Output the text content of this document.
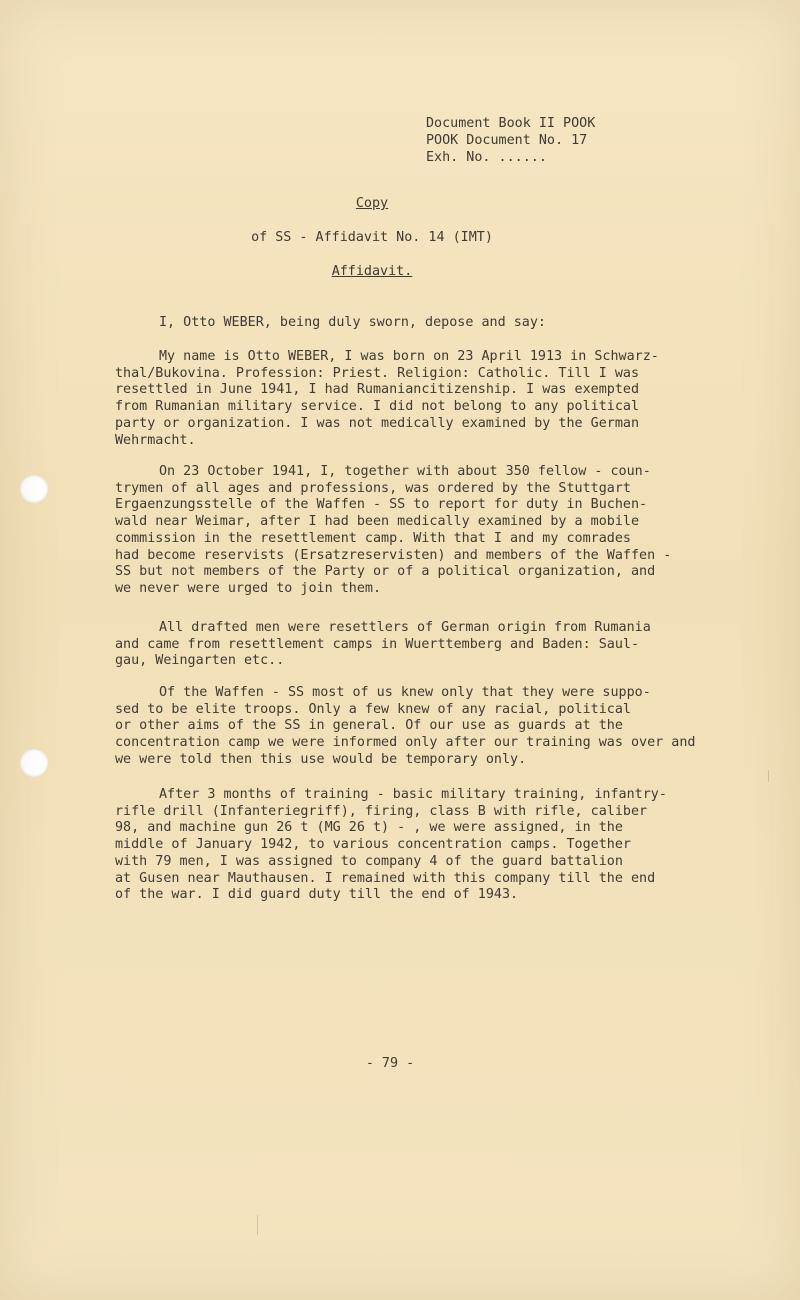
Document Book II POOK
POOK Document No. 17
Exh. No. ......
Copy
of SS - Affidavit No. 14 (IMT)
Affidavit.
I, Otto WEBER, being duly sworn, depose and say:
My name is Otto WEBER, I was born on 23 April 1913 in Schwarz-
thal/Bukovina. Profession: Priest. Religion: Catholic. Till I was
resettled in June 1941, I had Rumaniancitizenship. I was exempted
from Rumanian military service. I did not belong to any political
party or organization. I was not medically examined by the German
Wehrmacht.
On 23 October 1941, I, together with about 350 fellow - coun-
trymen of all ages and professions, was ordered by the Stuttgart
Ergaenzungsstelle of the Waffen - SS to report for duty in Buchen-
wald near Weimar, after I had been medically examined by a mobile
commission in the resettlement camp. With that I and my comrades
had become reservists (Ersatzreservisten) and members of the Waffen -
SS but not members of the Party or of a political organization, and
we never were urged to join them.
All drafted men were resettlers of German origin from Rumania
and came from resettlement camps in Wuerttemberg and Baden: Saul-
gau, Weingarten etc..
Of the Waffen - SS most of us knew only that they were suppo-
sed to be elite troops. Only a few knew of any racial, political
or other aims of the SS in general. Of our use as guards at the
concentration camp we were informed only after our training was over and
we were told then this use would be temporary only.
After 3 months of training - basic military training, infantry-
rifle drill (Infanteriegriff), firing, class B with rifle, caliber
98, and machine gun 26 t (MG 26 t) - , we were assigned, in the
middle of January 1942, to various concentration camps. Together
with 79 men, I was assigned to company 4 of the guard battalion
at Gusen near Mauthausen. I remained with this company till the end
of the war. I did guard duty till the end of 1943.
- 79 -
